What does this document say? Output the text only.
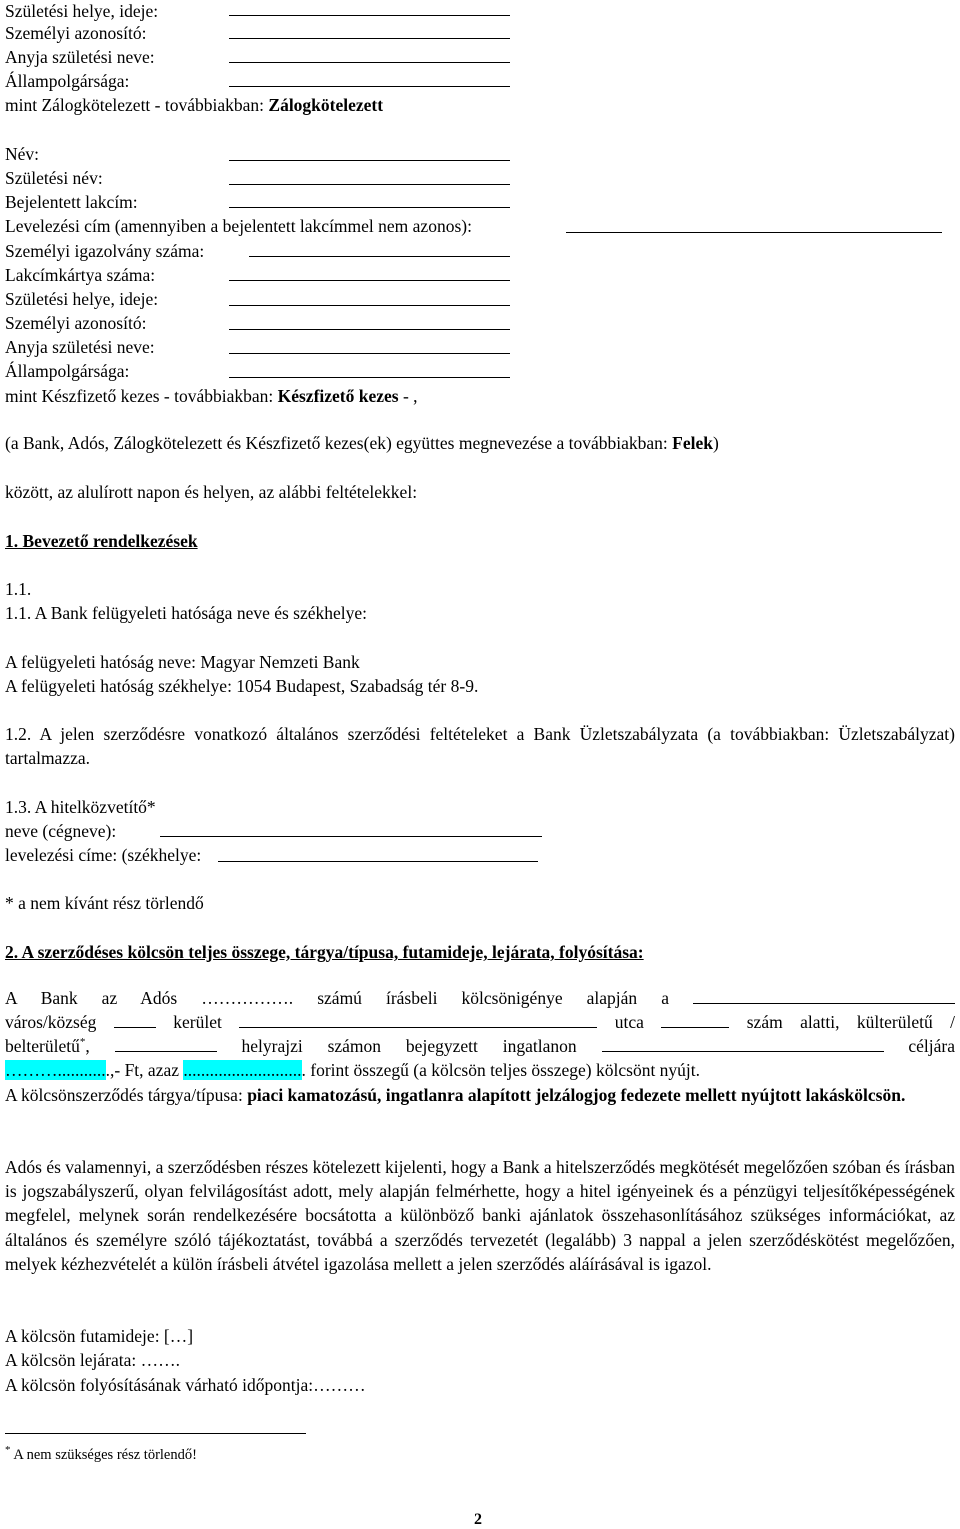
Születési helye, ideje:
Személyi azonosító:
Anyja születési neve:
Állampolgársága:
mint Zálogkötelezett - továbbiakban: Zálogkötelezett
Név:
Születési név:
Bejelentett lakcím:
Levelezési cím (amennyiben a bejelentett lakcímmel nem azonos):
Személyi igazolvány száma:
Lakcímkártya száma:
Születési helye, ideje:
Személyi azonosító:
Anyja születési neve:
Állampolgársága:
mint Készfizető kezes - továbbiakban: Készfizető kezes - ,
(a Bank, Adós, Zálogkötelezett és Készfizető kezes(ek) együttes megnevezése a továbbiakban: Felek)
között, az alulírott napon és helyen, az alábbi feltételekkel:
1. Bevezető rendelkezések
1.1.
1.1. A Bank felügyeleti hatósága neve és székhelye:
A felügyeleti hatóság neve: Magyar Nemzeti Bank
A felügyeleti hatóság székhelye: 1054 Budapest, Szabadság tér 8-9.
1.2. A jelen szerződésre vonatkozó általános szerződési feltételeket a Bank Üzletszabályzata (a továbbiakban: Üzletszabályzat) tartalmazza.
1.3. A hitelközvetítő*
neve (cégneve):
levelezési címe: (székhelye:
* a nem kívánt rész törlendő
2. A szerződéses kölcsön teljes összege, tárgya/típusa, futamideje, lejárata, folyósítása:
A Bank az Adós ……………. számú írásbeli kölcsönigénye alapján a
város/község	kerület	utca	szám alatti, külterületű /
belterületű*,	helyrajzi számon bejegyzett ingatlanon	céljára
………............,- Ft, azaz ............................ forint összegű (a kölcsön teljes összege) kölcsönt nyújt.
A kölcsönszerződés tárgya/típusa: piaci kamatozású, ingatlanra alapított jelzálogjog fedezete mellett nyújtott lakáskölcsön.
Adós és valamennyi, a szerződésben részes kötelezett kijelenti, hogy a Bank a hitelszerződés megkötését megelőzően szóban és írásban is jogszabályszerű, olyan felvilágosítást adott, mely alapján felmérhette, hogy a hitel igényeinek és a pénzügyi teljesítőképességének megfelel, melynek során rendelkezésére bocsátotta a különböző banki ajánlatok összehasonlításához szükséges információkat, az általános és személyre szóló tájékoztatást, továbbá a szerződés tervezetét (legalább) 3 nappal a jelen szerződéskötést megelőzően, melyek kézhezvételét a külön írásbeli átvétel igazolása mellett a jelen szerződés aláírásával is igazol.
A kölcsön futamideje: […]
A kölcsön lejárata: …….
A kölcsön folyósításának várható időpontja:………
* A nem szükséges rész törlendő!
2
